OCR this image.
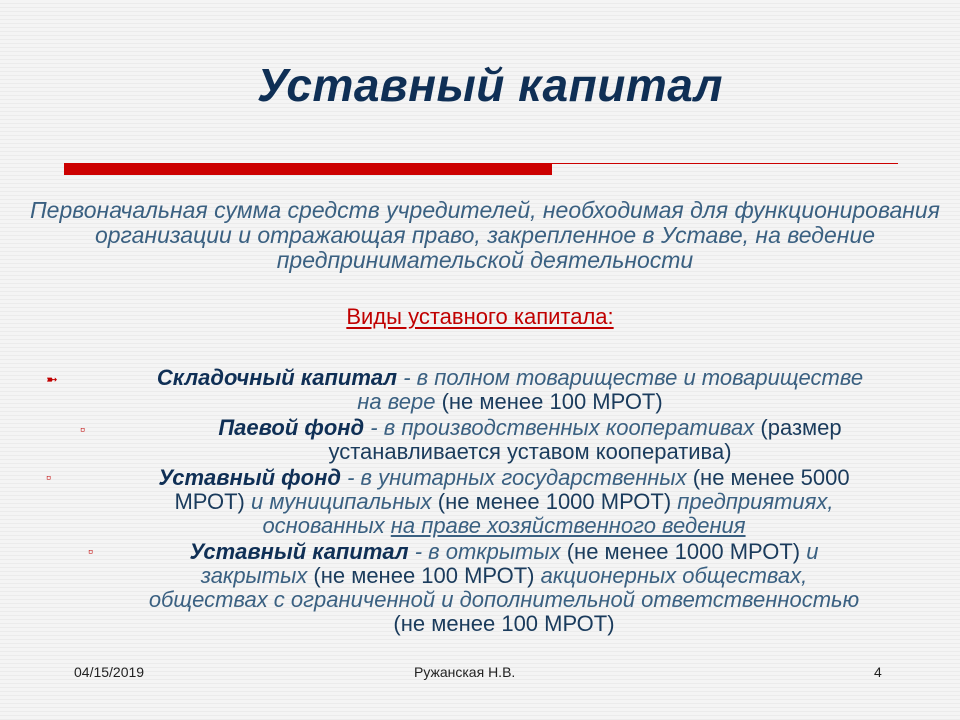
Уставный капитал
Первоначальная сумма средств учредителей, необходимая для функционирования организации и отражающая право, закрепленное в Уставе, на ведение предпринимательской деятельности
Виды уставного капитала:
➼	Складочный капитал - в полном товариществе и товариществе
на вере (не менее 100 МРОТ)
▫	Паевой фонд - в производственных кооперативах (размер
устанавливается уставом кооператива)
▫	Уставный фонд - в унитарных государственных (не менее 5000
МРОТ) и муниципальных (не менее 1000 МРОТ) предприятиях,
основанных на праве хозяйственного ведения
▫	Уставный капитал - в открытых (не менее 1000 МРОТ) и
закрытых (не менее 100 МРОТ) акционерных обществах,
обществах с ограниченной и дополнительной ответственностью
(не менее 100 МРОТ)
04/15/2019	Ружанская Н.В.	4
